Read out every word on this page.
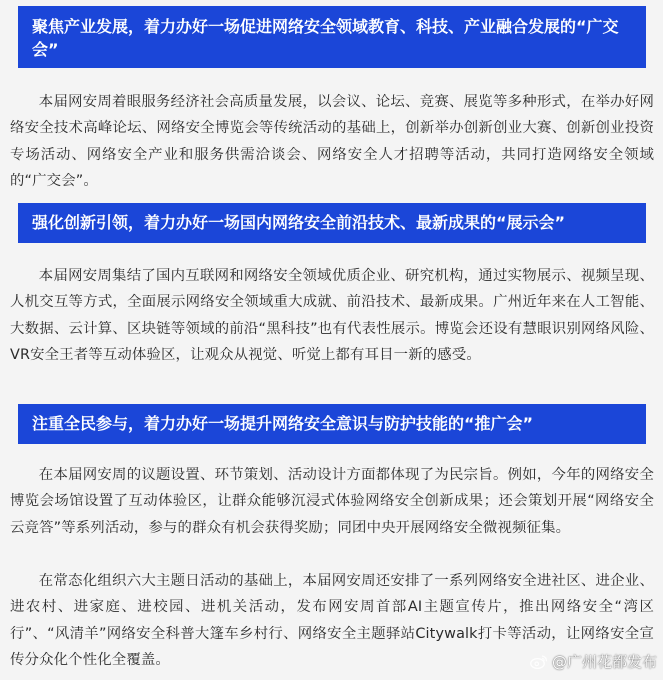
聚焦产业发展，着力办好一场促进网络安全领域教育、科技、产业融合发展的“广交会”

本届网安周着眼服务经济社会高质量发展，以会议、论坛、竞赛、展览等多种形式，在举办好网络安全技术高峰论坛、网络安全博览会等传统活动的基础上，创新举办创新创业大赛、创新创业投资专场活动、网络安全产业和服务供需洽谈会、网络安全人才招聘等活动，共同打造网络安全领域的“广交会”。

强化创新引领，着力办好一场国内网络安全前沿技术、最新成果的“展示会”

本届网安周集结了国内互联网和网络安全领域优质企业、研究机构，通过实物展示、视频呈现、人机交互等方式，全面展示网络安全领域重大成就、前沿技术、最新成果。广州近年来在人工智能、大数据、云计算、区块链等领域的前沿“黑科技”也有代表性展示。博览会还设有慧眼识别网络风险、VR安全王者等互动体验区，让观众从视觉、听觉上都有耳目一新的感受。

注重全民参与，着力办好一场提升网络安全意识与防护技能的“推广会”

在本届网安周的议题设置、环节策划、活动设计方面都体现了为民宗旨。例如，今年的网络安全博览会场馆设置了互动体验区，让群众能够沉浸式体验网络安全创新成果；还会策划开展“网络安全云竞答”等系列活动，参与的群众有机会获得奖励；同团中央开展网络安全微视频征集。

在常态化组织六大主题日活动的基础上，本届网安周还安排了一系列网络安全进社区、进企业、进农村、进家庭、进校园、进机关活动，发布网安周首部AI主题宣传片，推出网络安全“湾区行”、“风清羊”网络安全科普大篷车乡村行、网络安全主题驿站Citywalk打卡等活动，让网络安全宣传分众化个性化全覆盖。	@广州花都发布
